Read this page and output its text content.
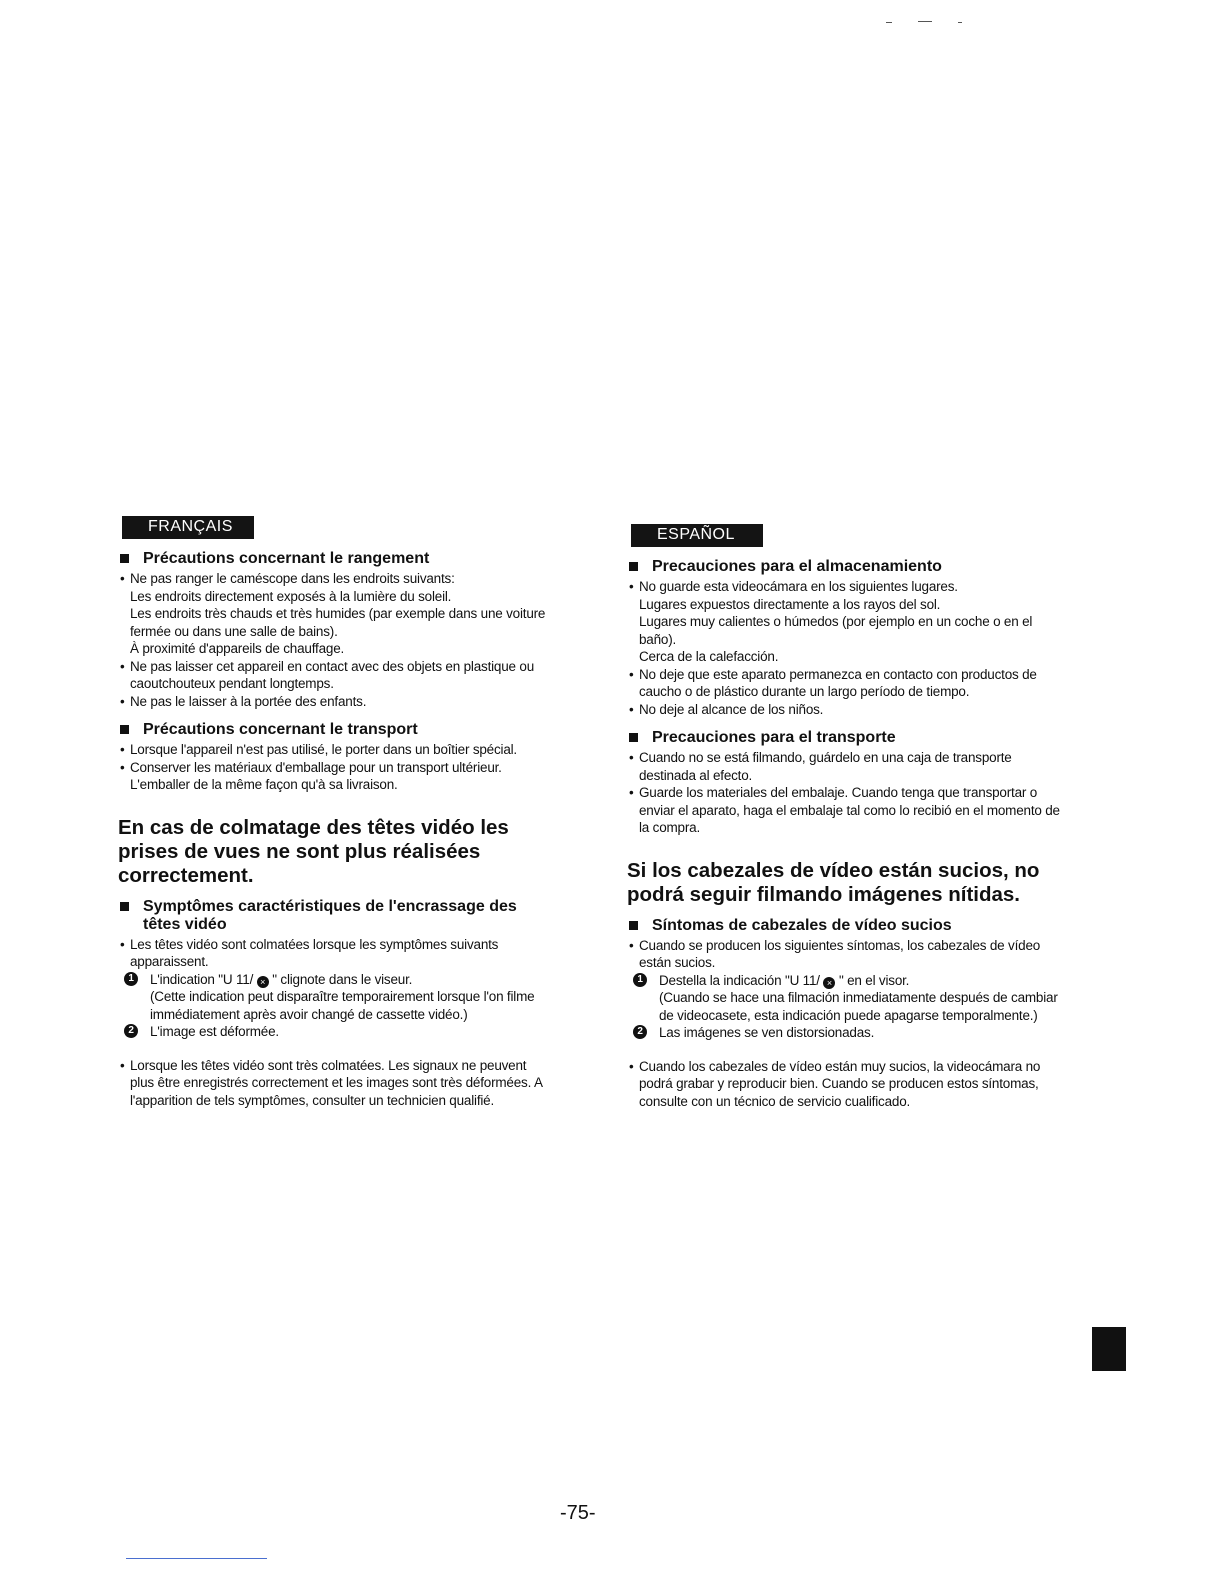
FRANÇAIS
Précautions concernant le rangement

• Ne pas ranger le caméscope dans les endroits suivants:

Les endroits directement exposés à la lumière du soleil.

Les endroits très chauds et très humides (par exemple dans une voiture fermée ou dans une salle de bains).

À proximité d'appareils de chauffage.

• Ne pas laisser cet appareil en contact avec des objets en plastique ou caoutchouteux pendant longtemps.

• Ne pas le laisser à la portée des enfants.

Précautions concernant le transport

• Lorsque l'appareil n'est pas utilisé, le porter dans un boîtier spécial.

• Conserver les matériaux d'emballage pour un transport ultérieur.

L'emballer de la même façon qu'à sa livraison.

En cas de colmatage des têtes vidéo les prises de vues ne sont plus réalisées correctement.
Symptômes caractéristiques de l'encrassage des têtes vidéo

• Les têtes vidéo sont colmatées lorsque les symptômes suivants apparaissent.

1	L'indication "U 11/ × " clignote dans le viseur.

(Cette indication peut disparaître temporairement lorsque l'on filme immédiatement après avoir changé de cassette vidéo.)

2	L'image est déformée.

• Lorsque les têtes vidéo sont très colmatées. Les signaux ne peuvent plus être enregistrés correctement et les images sont très déformées. A l'apparition de tels symptômes, consulter un technicien qualifié.

ESPAÑOL
Precauciones para el almacenamiento

• No guarde esta videocámara en los siguientes lugares.

Lugares expuestos directamente a los rayos del sol.

Lugares muy calientes o húmedos (por ejemplo en un coche o en el baño).

Cerca de la calefacción.

• No deje que este aparato permanezca en contacto con productos de caucho o de plástico durante un largo período de tiempo.

• No deje al alcance de los niños.

Precauciones para el transporte

• Cuando no se está filmando, guárdelo en una caja de transporte destinada al efecto.

• Guarde los materiales del embalaje. Cuando tenga que transportar o enviar el aparato, haga el embalaje tal como lo recibió en el momento de la compra.

Si los cabezales de vídeo están sucios, no podrá seguir filmando imágenes nítidas.
Síntomas de cabezales de vídeo sucios

• Cuando se producen los siguientes síntomas, los cabezales de vídeo están sucios.

1	Destella la indicación "U 11/ × " en el visor.

(Cuando se hace una filmación inmediatamente después de cambiar de videocasete, esta indicación puede apagarse temporalmente.)

2	Las imágenes se ven distorsionadas.

• Cuando los cabezales de vídeo están muy sucios, la videocámara no podrá grabar y reproducir bien. Cuando se producen estos síntomas, consulte con un técnico de servicio cualificado.

-75-
